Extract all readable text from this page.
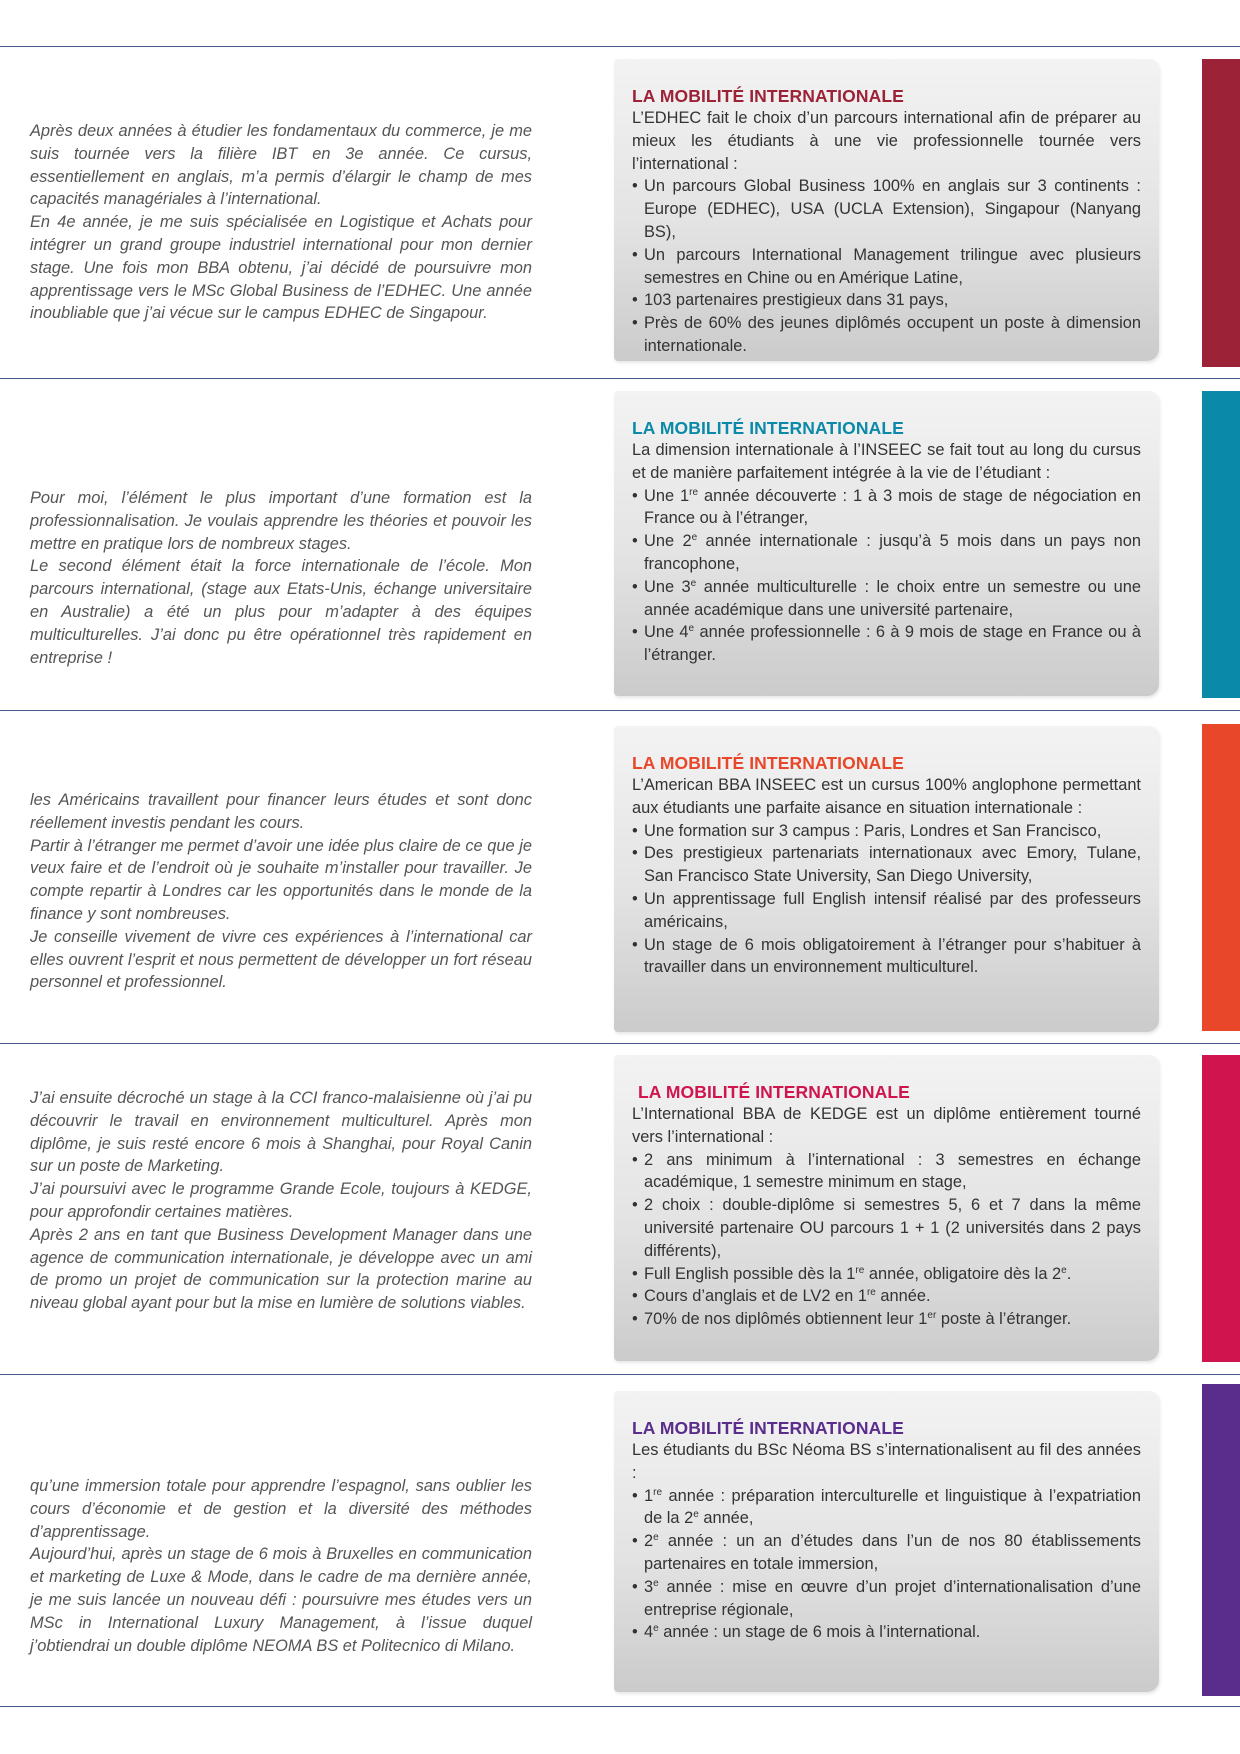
Après deux années à étudier les fondamentaux du commerce, je me suis tournée vers la filière IBT en 3e année. Ce cursus, essentiellement en anglais, m’a permis d’élargir le champ de mes capacités managériales à l’international.

En 4e année, je me suis spécialisée en Logistique et Achats pour intégrer un grand groupe industriel international pour mon dernier stage. Une fois mon BBA obtenu, j’ai décidé de poursuivre mon apprentissage vers le MSc Global Business de l’EDHEC. Une année inoubliable que j’ai vécue sur le campus EDHEC de Singapour.

LA MOBILITÉ INTERNATIONALE

L’EDHEC fait le choix d’un parcours international afin de préparer au mieux les étudiants à une vie professionnelle tournée vers l’international :

• Un parcours Global Business 100% en anglais sur 3 continents : Europe (EDHEC), USA (UCLA Extension), Singapour (Nanyang BS),
• Un parcours International Management trilingue avec plusieurs semestres en Chine ou en Amérique Latine,
• 103 partenaires prestigieux dans 31 pays,
• Près de 60% des jeunes diplômés occupent un poste à dimension internationale.

Pour moi, l’élément le plus important d’une formation est la professionnalisation. Je voulais apprendre les théories et pouvoir les mettre en pratique lors de nombreux stages.

Le second élément était la force internationale de l’école. Mon parcours international, (stage aux Etats-Unis, échange universitaire en Australie) a été un plus pour m’adapter à des équipes multiculturelles. J’ai donc pu être opérationnel très rapidement en entreprise !

LA MOBILITÉ INTERNATIONALE

La dimension internationale à l’INSEEC se fait tout au long du cursus et de manière parfaitement intégrée à la vie de l’étudiant :

• Une 1re année découverte : 1 à 3 mois de stage de négociation en France ou à l’étranger,
• Une 2e année internationale : jusqu’à 5 mois dans un pays non francophone,
• Une 3e année multiculturelle : le choix entre un semestre ou une année académique dans une université partenaire,
• Une 4e année professionnelle : 6 à 9 mois de stage en France ou à l’étranger.

les Américains travaillent pour financer leurs études et sont donc réellement investis pendant les cours.

Partir à l’étranger me permet d’avoir une idée plus claire de ce que je veux faire et de l’endroit où je souhaite m’installer pour travailler. Je compte repartir à Londres car les opportunités dans le monde de la finance y sont nombreuses.

Je conseille vivement de vivre ces expériences à l’international car elles ouvrent l’esprit et nous permettent de développer un fort réseau personnel et professionnel.

LA MOBILITÉ INTERNATIONALE

L’American BBA INSEEC est un cursus 100% anglophone permettant aux étudiants une parfaite aisance en situation internationale :

• Une formation sur 3 campus : Paris, Londres et San Francisco,
• Des prestigieux partenariats internationaux avec Emory, Tulane, San Francisco State University, San Diego University,
• Un apprentissage full English intensif réalisé par des professeurs américains,
• Un stage de 6 mois obligatoirement à l’étranger pour s’habituer à travailler dans un environnement multiculturel.

J’ai ensuite décroché un stage à la CCI franco-malaisienne où j’ai pu découvrir le travail en environnement multiculturel. Après mon diplôme, je suis resté encore 6 mois à Shanghai, pour Royal Canin sur un poste de Marketing.

J’ai poursuivi avec le programme Grande Ecole, toujours à KEDGE, pour approfondir certaines matières.

Après 2 ans en tant que Business Development Manager dans une agence de communication internationale, je développe avec un ami de promo un projet de communication sur la protection marine au niveau global ayant pour but la mise en lumière de solutions viables.

LA MOBILITÉ INTERNATIONALE

L’International BBA de KEDGE est un diplôme entièrement tourné vers l’international :

• 2 ans minimum à l’international : 3 semestres en échange académique, 1 semestre minimum en stage,
• 2 choix : double-diplôme si semestres 5, 6 et 7 dans la même université partenaire OU parcours 1 + 1 (2 universités dans 2 pays différents),
• Full English possible dès la 1re année, obligatoire dès la 2e.
• Cours d’anglais et de LV2 en 1re année.
• 70% de nos diplômés obtiennent leur 1er poste à l’étranger.

qu’une immersion totale pour apprendre l’espagnol, sans oublier les cours d’économie et de gestion et la diversité des méthodes d’apprentissage.

Aujourd’hui, après un stage de 6 mois à Bruxelles en communication et marketing de Luxe & Mode, dans le cadre de ma dernière année, je me suis lancée un nouveau défi : poursuivre mes études vers un MSc in International Luxury Management, à l’issue duquel j’obtiendrai un double diplôme NEOMA BS et Politecnico di Milano.

LA MOBILITÉ INTERNATIONALE

Les étudiants du BSc Néoma BS s’internationalisent au fil des années :

• 1re année : préparation interculturelle et linguistique à l’expatriation de la 2e année,
• 2e année : un an d’études dans l’un de nos 80 établissements partenaires en totale immersion,
• 3e année : mise en œuvre d’un projet d’internationalisation d’une entreprise régionale,
• 4e année : un stage de 6 mois à l’international.
